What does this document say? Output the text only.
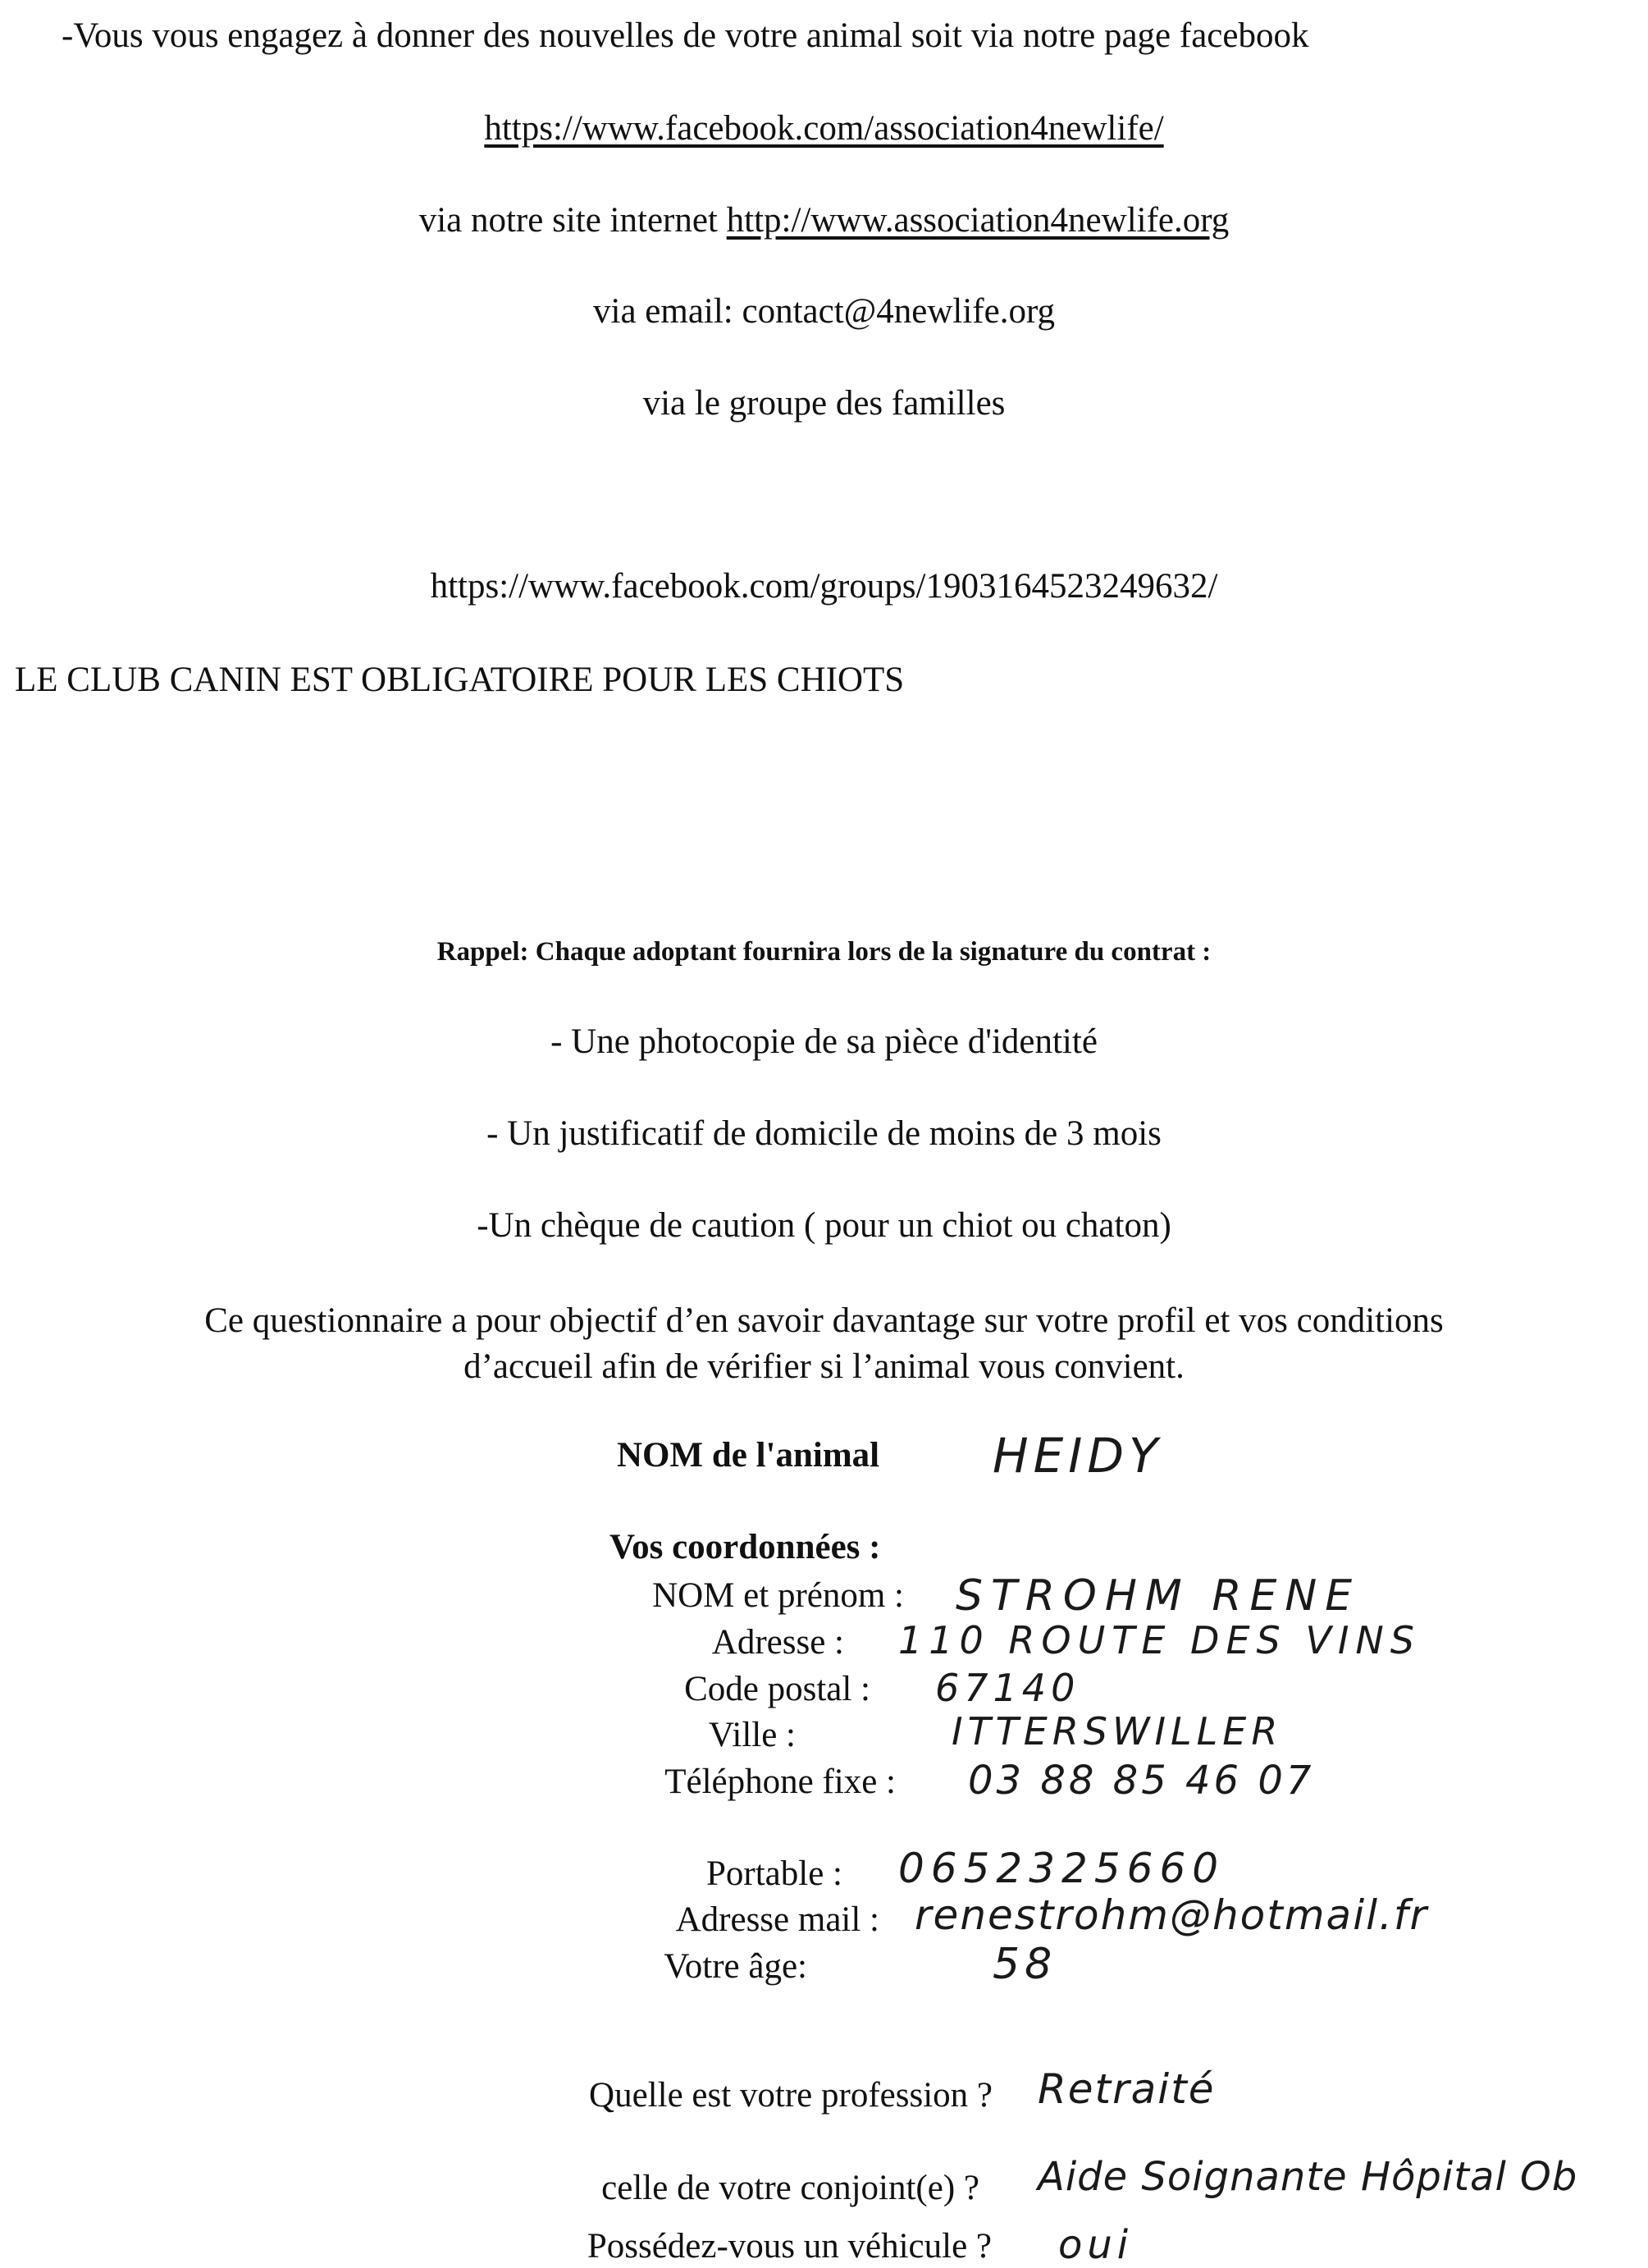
-Vous vous engagez à donner des nouvelles de votre animal soit via notre page facebook
https://www.facebook.com/association4newlife/
via notre site internet http://www.association4newlife.org
via email: contact@4newlife.org
via le groupe des familles
https://www.facebook.com/groups/1903164523249632/
LE CLUB CANIN EST OBLIGATOIRE POUR LES CHIOTS
Rappel: Chaque adoptant fournira lors de la signature du contrat :
- Une photocopie de sa pièce d'identité
- Un justificatif de domicile de moins de 3 mois
-Un chèque de caution ( pour un chiot ou chaton)
Ce questionnaire a pour objectif d’en savoir davantage sur votre profil et vos conditions
d’accueil afin de vérifier si l’animal vous convient.
NOM de l'animal HEIDY
Vos coordonnées :
NOM et prénom : STROHM RENE
Adresse : 110 ROUTE DES VINS
Code postal : 67140
Ville :	ITTERSWILLER
Téléphone fixe : 03 88 85 46 07
Portable : 0652325660
Adresse mail : renestrohm@hotmail.fr
Votre âge:	58
Quelle est votre profession ? Retraité
celle de votre conjoint(e) ? Aide Soignante Hôpital Ob
Possédez-vous un véhicule ? oui
